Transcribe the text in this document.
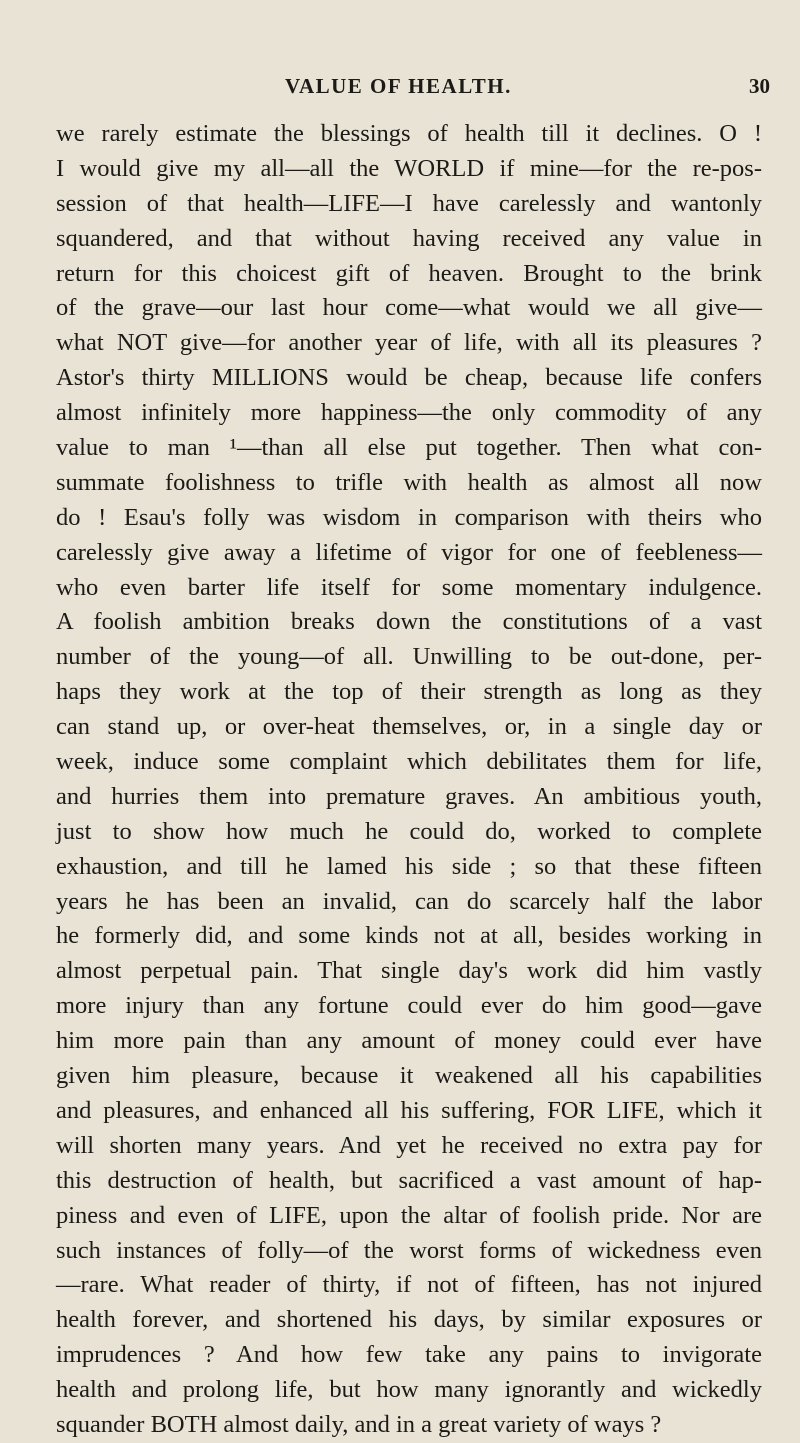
VALUE OF HEALTH.	30
we rarely estimate the blessings of health till it declines. O !
I would give my all—all the WORLD if mine—for the re-pos-
session of that health—LIFE—I have carelessly and wantonly
squandered, and that without having received any value in
return for this choicest gift of heaven. Brought to the brink
of the grave—our last hour come—what would we all give—
what NOT give—for another year of life, with all its pleasures ?
Astor's thirty MILLIONS would be cheap, because life confers
almost infinitely more happiness—the only commodity of any
value to man ¹—than all else put together. Then what con-
summate foolishness to trifle with health as almost all now
do ! Esau's folly was wisdom in comparison with theirs who
carelessly give away a lifetime of vigor for one of feebleness—
who even barter life itself for some momentary indulgence.
A foolish ambition breaks down the constitutions of a vast
number of the young—of all. Unwilling to be out-done, per-
haps they work at the top of their strength as long as they
can stand up, or over-heat themselves, or, in a single day or
week, induce some complaint which debilitates them for life,
and hurries them into premature graves. An ambitious youth,
just to show how much he could do, worked to complete
exhaustion, and till he lamed his side ; so that these fifteen
years he has been an invalid, can do scarcely half the labor
he formerly did, and some kinds not at all, besides working in
almost perpetual pain. That single day's work did him vastly
more injury than any fortune could ever do him good—gave
him more pain than any amount of money could ever have
given him pleasure, because it weakened all his capabilities
and pleasures, and enhanced all his suffering, FOR LIFE, which it
will shorten many years. And yet he received no extra pay for
this destruction of health, but sacrificed a vast amount of hap-
piness and even of LIFE, upon the altar of foolish pride. Nor are
such instances of folly—of the worst forms of wickedness even
—rare. What reader of thirty, if not of fifteen, has not injured
health forever, and shortened his days, by similar exposures or
imprudences ? And how few take any pains to invigorate
health and prolong life, but how many ignorantly and wickedly
squander BOTH almost daily, and in a great variety of ways ?
